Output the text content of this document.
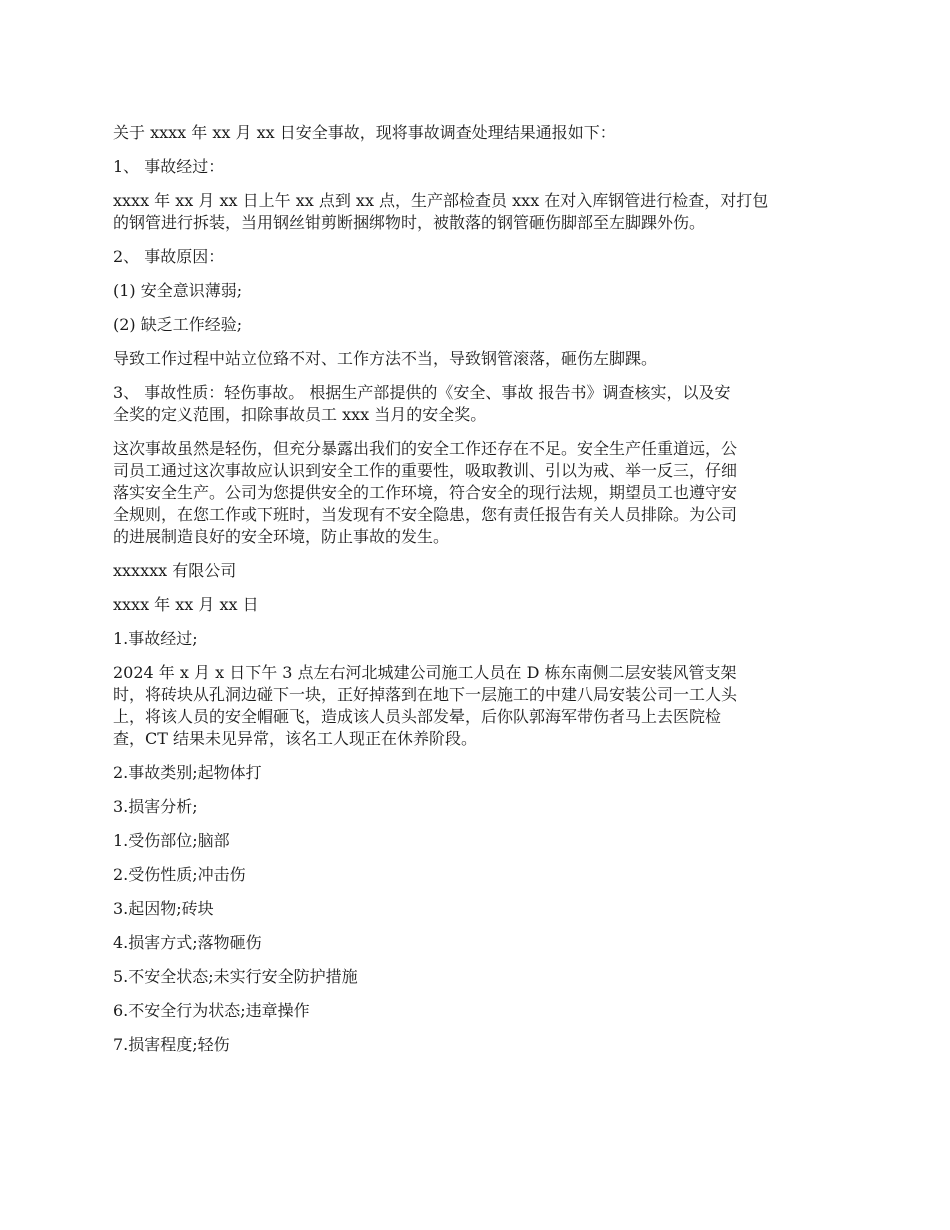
关于 xxxx 年 xx 月 xx 日安全事故，现将事故调查处理结果通报如下：
1、 事故经过：
xxxx 年 xx 月 xx 日上午 xx 点到 xx 点，生产部检查员 xxx 在对入库钢管进行检查，对打包
的钢管进行拆装，当用钢丝钳剪断捆绑物时，被散落的钢管砸伤脚部至左脚踝外伤。
2、 事故原因：
(1) 安全意识薄弱;
(2) 缺乏工作经验;
导致工作过程中站立位臵不对、工作方法不当，导致钢管滚落，砸伤左脚踝。
3、 事故性质：轻伤事故。 根据生产部提供的《安全、事故 报告书》调查核实，以及安
全奖的定义范围，扣除事故员工 xxx 当月的安全奖。
这次事故虽然是轻伤，但充分暴露出我们的安全工作还存在不足。安全生产任重道远，公
司员工通过这次事故应认识到安全工作的重要性，吸取教训、引以为戒、举一反三，仔细
落实安全生产。公司为您提供安全的工作环境，符合安全的现行法规，期望员工也遵守安
全规则，在您工作或下班时，当发现有不安全隐患，您有责任报告有关人员排除。为公司
的进展制造良好的安全环境，防止事故的发生。
xxxxxx 有限公司
xxxx 年 xx 月 xx 日
1.事故经过;
2024 年 x 月 x 日下午 3 点左右河北城建公司施工人员在 D 栋东南侧二层安装风管支架
时，将砖块从孔洞边碰下一块，正好掉落到在地下一层施工的中建八局安装公司一工人头
上，将该人员的安全帽砸飞，造成该人员头部发晕，后你队郭海军带伤者马上去医院检
查，CT 结果未见异常，该名工人现正在休养阶段。
2.事故类别;起物体打
3.损害分析;
1.受伤部位;脑部
2.受伤性质;冲击伤
3.起因物;砖块
4.损害方式;落物砸伤
5.不安全状态;未实行安全防护措施
6.不安全行为状态;违章操作
7.损害程度;轻伤
